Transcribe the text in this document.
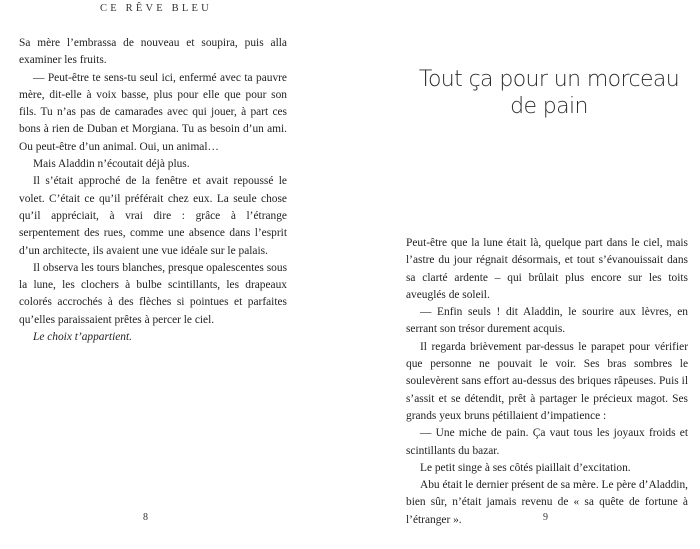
CE RÊVE BLEU

Sa mère l’embrassa de nouveau et soupira, puis alla examiner les fruits.

— Peut-être te sens-tu seul ici, enfermé avec ta pauvre mère, dit-elle à voix basse, plus pour elle que pour son fils. Tu n’as pas de camarades avec qui jouer, à part ces bons à rien de Duban et Morgiana. Tu as besoin d’un ami. Ou peut-être d’un animal. Oui, un animal…

Mais Aladdin n’écoutait déjà plus.

Il s’était approché de la fenêtre et avait repoussé le volet. C’était ce qu’il préférait chez eux. La seule chose qu’il appréciait, à vrai dire : grâce à l’étrange serpentement des rues, comme une absence dans l’esprit d’un architecte, ils avaient une vue idéale sur le palais.

Il observa les tours blanches, presque opalescentes sous la lune, les clochers à bulbe scintillants, les drapeaux colorés accrochés à des flèches si pointues et parfaites qu’elles paraissaient prêtes à percer le ciel.

Le choix t’appartient.

8
Tout ça pour un morceau
de pain

Peut-être que la lune était là, quelque part dans le ciel, mais l’astre du jour régnait désormais, et tout s’évanouissait dans sa clarté ardente – qui brûlait plus encore sur les toits aveuglés de soleil.

— Enfin seuls ! dit Aladdin, le sourire aux lèvres, en serrant son trésor durement acquis.

Il regarda brièvement par-dessus le parapet pour vérifier que personne ne pouvait le voir. Ses bras sombres le soulevèrent sans effort au-dessus des briques râpeuses. Puis il s’assit et se détendit, prêt à partager le précieux magot. Ses grands yeux bruns pétillaient d’impatience :

— Une miche de pain. Ça vaut tous les joyaux froids et scintillants du bazar.

Le petit singe à ses côtés piaillait d’excitation.

Abu était le dernier présent de sa mère. Le père d’Aladdin, bien sûr, n’était jamais revenu de « sa quête de fortune à l’étranger ».	9
